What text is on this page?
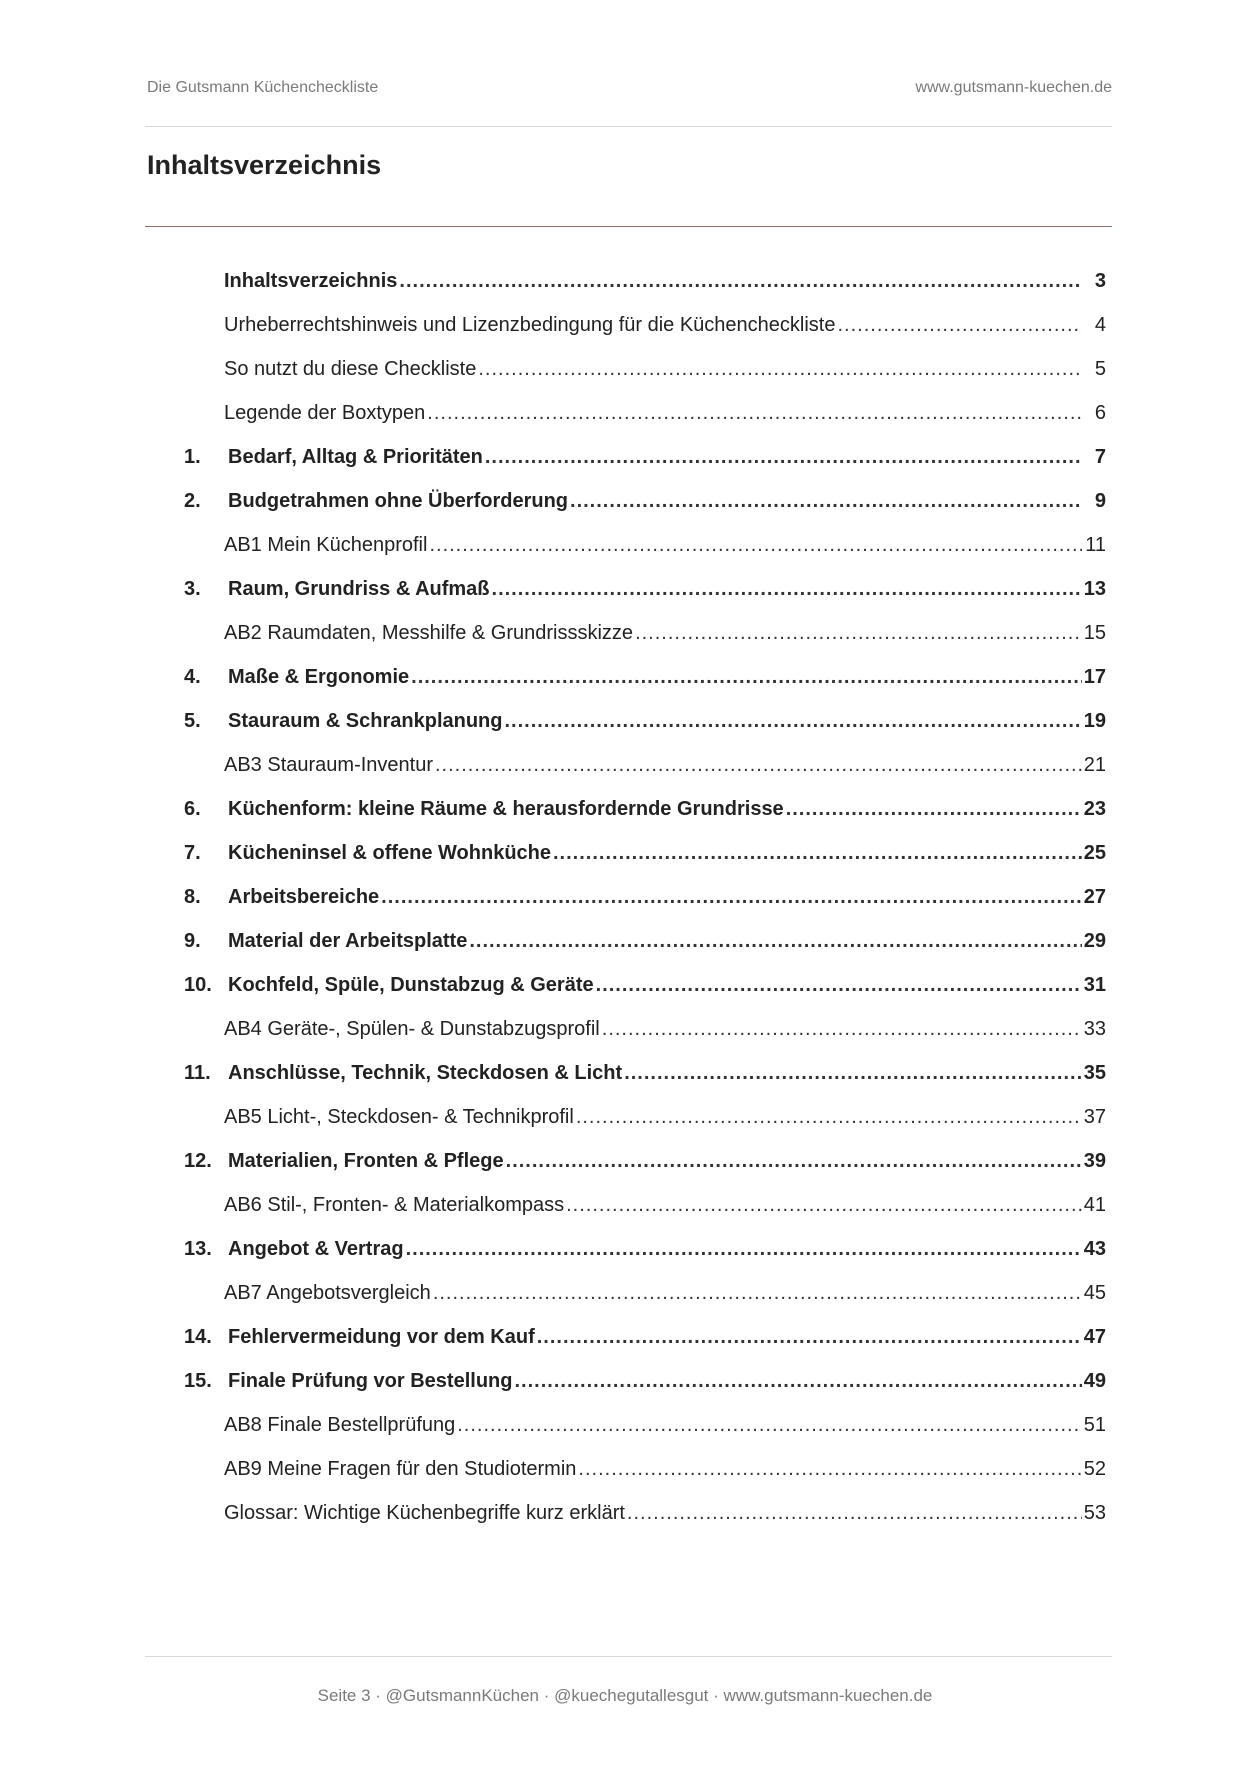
Die Gutsmann Küchencheckliste	www.gutsmann-kuechen.de
Inhaltsverzeichnis
Inhaltsverzeichnis .....	3
Urheberrechtshinweis und Lizenzbedingung für die Küchencheckliste .....	4
So nutzt du diese Checkliste .....	5
Legende der Boxtypen .....	6
1.	Bedarf, Alltag & Prioritäten .....	7
2.	Budgetrahmen ohne Überforderung .....	9
AB1 Mein Küchenprofil .....	11
3.	Raum, Grundriss & Aufmaß .....	13
AB2 Raumdaten, Messhilfe & Grundrissskizze .....	15
4.	Maße & Ergonomie .....	17
5.	Stauraum & Schrankplanung .....	19
AB3 Stauraum-Inventur .....	21
6.	Küchenform: kleine Räume & herausfordernde Grundrisse .....	23
7.	Kücheninsel & offene Wohnküche .....	25
8.	Arbeitsbereiche .....	27
9.	Material der Arbeitsplatte .....	29
10. Kochfeld, Spüle, Dunstabzug & Geräte .....	31
AB4 Geräte-, Spülen- & Dunstabzugsprofil .....	33
11. Anschlüsse, Technik, Steckdosen & Licht .....	35
AB5 Licht-, Steckdosen- & Technikprofil .....	37
12. Materialien, Fronten & Pflege .....	39
AB6 Stil-, Fronten- & Materialkompass .....	41
13. Angebot & Vertrag .....	43
AB7 Angebotsvergleich .....	45
14. Fehlervermeidung vor dem Kauf .....	47
15. Finale Prüfung vor Bestellung .....	49
AB8 Finale Bestellprüfung .....	51
AB9 Meine Fragen für den Studiotermin .....	52
Glossar: Wichtige Küchenbegriffe kurz erklärt .....	53
Seite 3 · @GutsmannKüchen · @kuechegutallesgut · www.gutsmann-kuechen.de
